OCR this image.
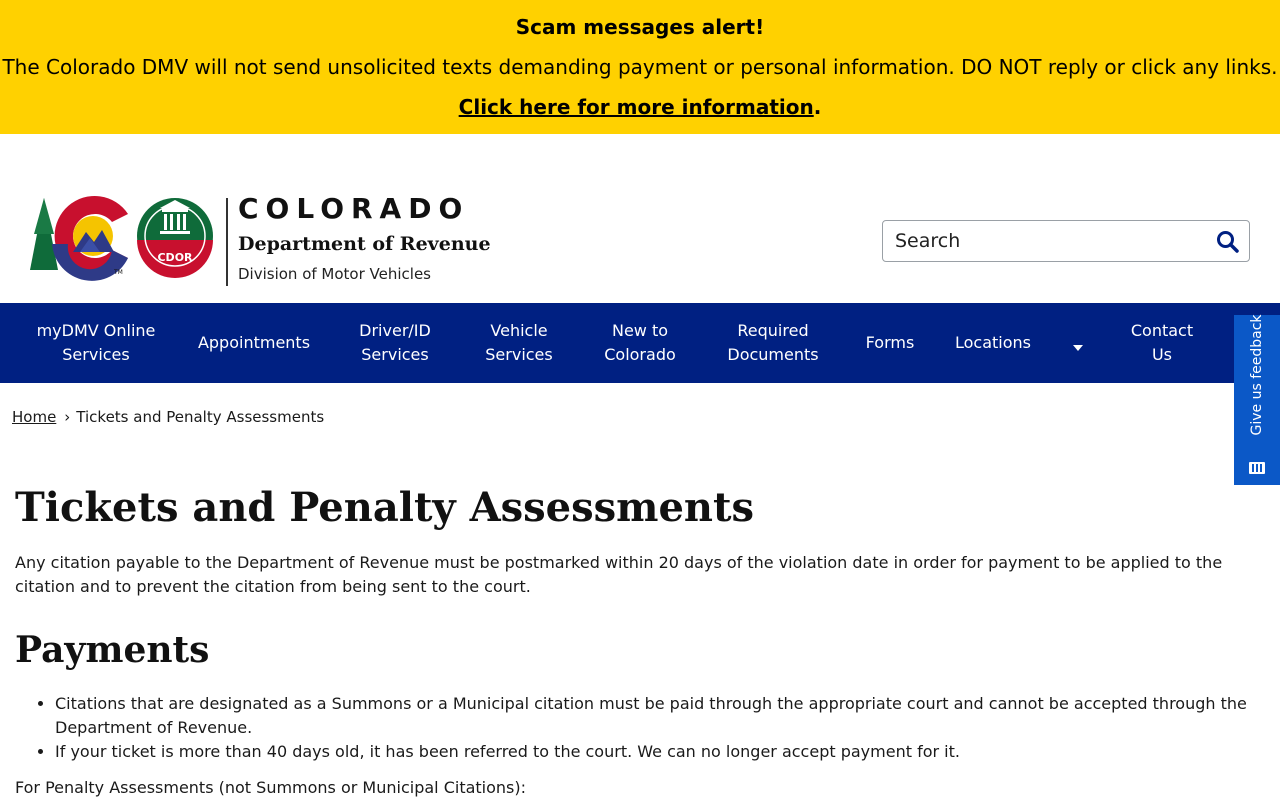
Scam messages alert!
The Colorado DMV will not send unsolicited texts demanding payment or personal information. DO NOT reply or click any links.
Click here for more information.
TM
CDOR
COLORADO
Department of Revenue
Division of Motor Vehicles
Search
myDMV Online Services
Appointments
Driver/ID Services
Vehicle Services
New to Colorado
Required Documents
Forms	Locations
Contact Us	Give us feedback
Home › Tickets and Penalty Assessments
Tickets and Penalty Assessments

Any citation payable to the Department of Revenue must be postmarked within 20 days of the violation date in order for payment to be applied to the citation and to prevent the citation from being sent to the court.

Payments
• Citations that are designated as a Summons or a Municipal citation must be paid through the appropriate court and cannot be accepted through the Department of Revenue.
• If your ticket is more than 40 days old, it has been referred to the court. We can no longer accept payment for it.

For Penalty Assessments (not Summons or Municipal Citations):
